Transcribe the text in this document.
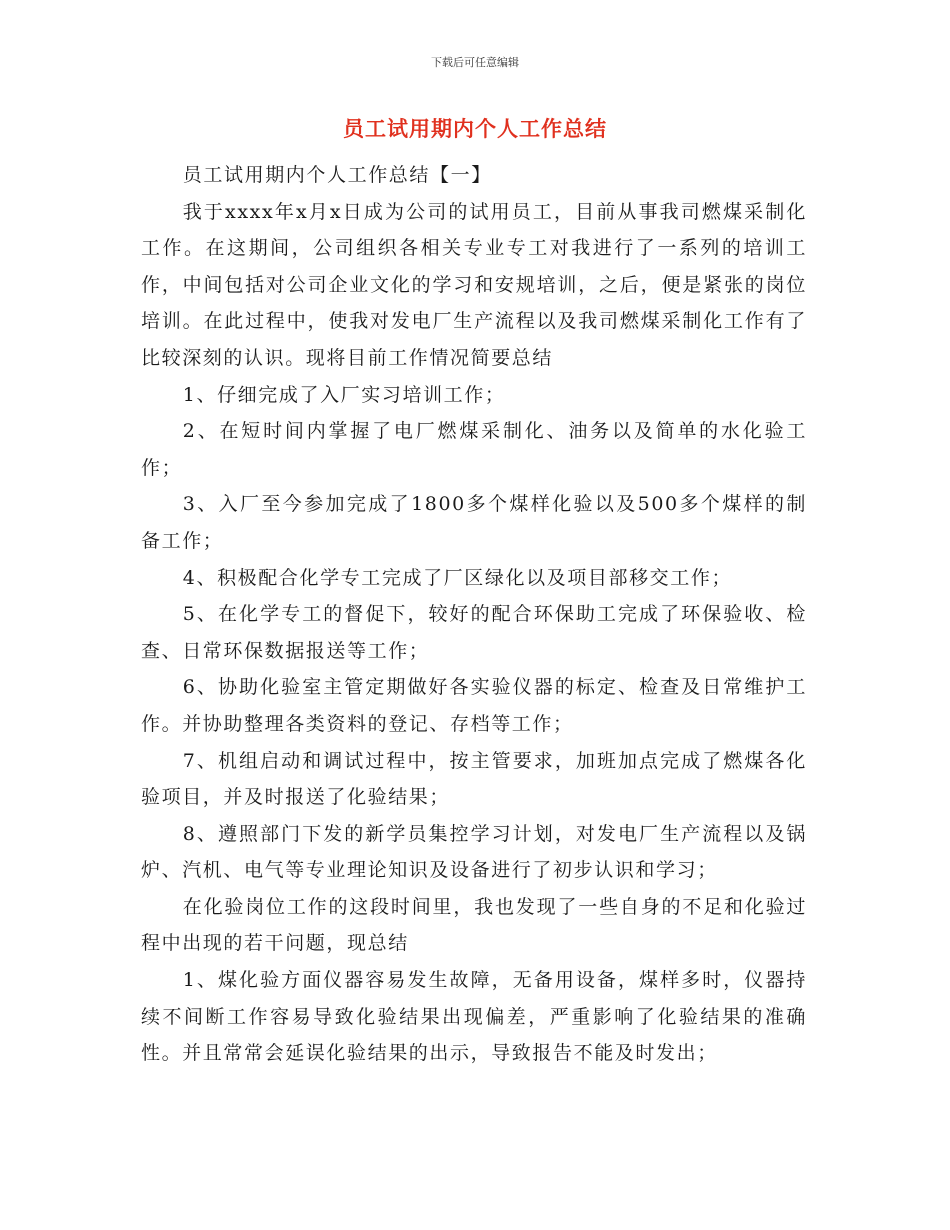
下载后可任意编辑
员工试用期内个人工作总结

员工试用期内个人工作总结【一】

我于xxxx年x月x日成为公司的试用员工，目前从事我司燃煤采制化工作。在这期间，公司组织各相关专业专工对我进行了一系列的培训工作，中间包括对公司企业文化的学习和安规培训，之后，便是紧张的岗位培训。在此过程中，使我对发电厂生产流程以及我司燃煤采制化工作有了比较深刻的认识。现将目前工作情况简要总结

1、仔细完成了入厂实习培训工作；

2、在短时间内掌握了电厂燃煤采制化、油务以及简单的水化验工作；

3、入厂至今参加完成了1800多个煤样化验以及500多个煤样的制备工作；

4、积极配合化学专工完成了厂区绿化以及项目部移交工作；

5、在化学专工的督促下，较好的配合环保助工完成了环保验收、检查、日常环保数据报送等工作；

6、协助化验室主管定期做好各实验仪器的标定、检查及日常维护工作。并协助整理各类资料的登记、存档等工作；

7、机组启动和调试过程中，按主管要求，加班加点完成了燃煤各化验项目，并及时报送了化验结果；

8、遵照部门下发的新学员集控学习计划，对发电厂生产流程以及锅炉、汽机、电气等专业理论知识及设备进行了初步认识和学习；

在化验岗位工作的这段时间里，我也发现了一些自身的不足和化验过程中出现的若干问题，现总结

1、煤化验方面仪器容易发生故障，无备用设备，煤样多时，仪器持续不间断工作容易导致化验结果出现偏差，严重影响了化验结果的准确性。并且常常会延误化验结果的出示，导致报告不能及时发出；
